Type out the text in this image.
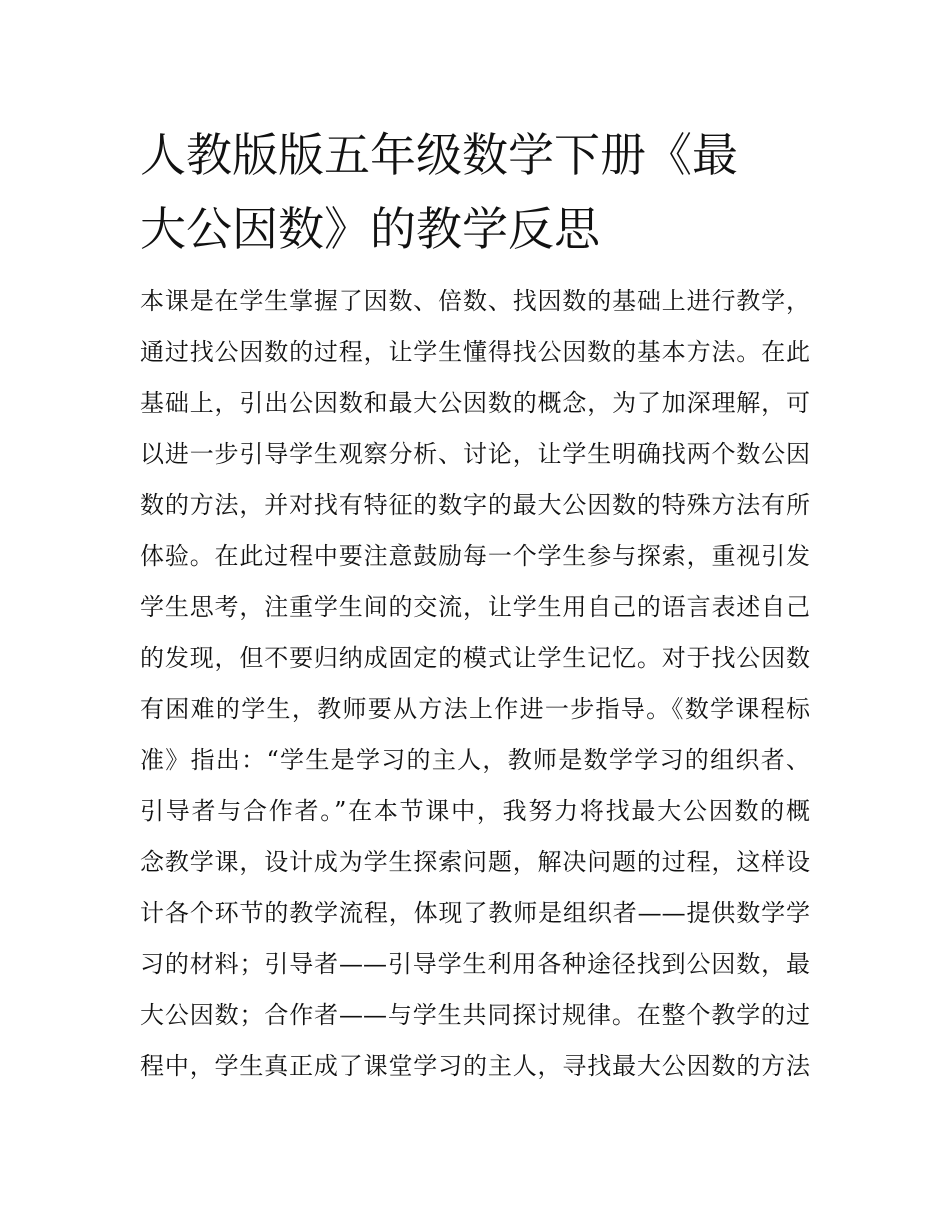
人教版版五年级数学下册《最
大公因数》的教学反思
本课是在学生掌握了因数、倍数、找因数的基础上进行教学，
通过找公因数的过程，让学生懂得找公因数的基本方法。在此
基础上，引出公因数和最大公因数的概念，为了加深理解，可
以进一步引导学生观察分析、讨论，让学生明确找两个数公因
数的方法，并对找有特征的数字的最大公因数的特殊方法有所
体验。在此过程中要注意鼓励每一个学生参与探索，重视引发
学生思考，注重学生间的交流，让学生用自己的语言表述自己
的发现，但不要归纳成固定的模式让学生记忆。对于找公因数
有困难的学生，教师要从方法上作进一步指导。《数学课程标
准》指出：“学生是学习的主人，教师是数学学习的组织者、
引导者与合作者。”在本节课中，我努力将找最大公因数的概
念教学课，设计成为学生探索问题，解决问题的过程，这样设
计各个环节的教学流程，体现了教师是组织者——提供数学学
习的材料；引导者——引导学生利用各种途径找到公因数，最
大公因数；合作者——与学生共同探讨规律。在整个教学的过
程中，学生真正成了课堂学习的主人，寻找最大公因数的方法
